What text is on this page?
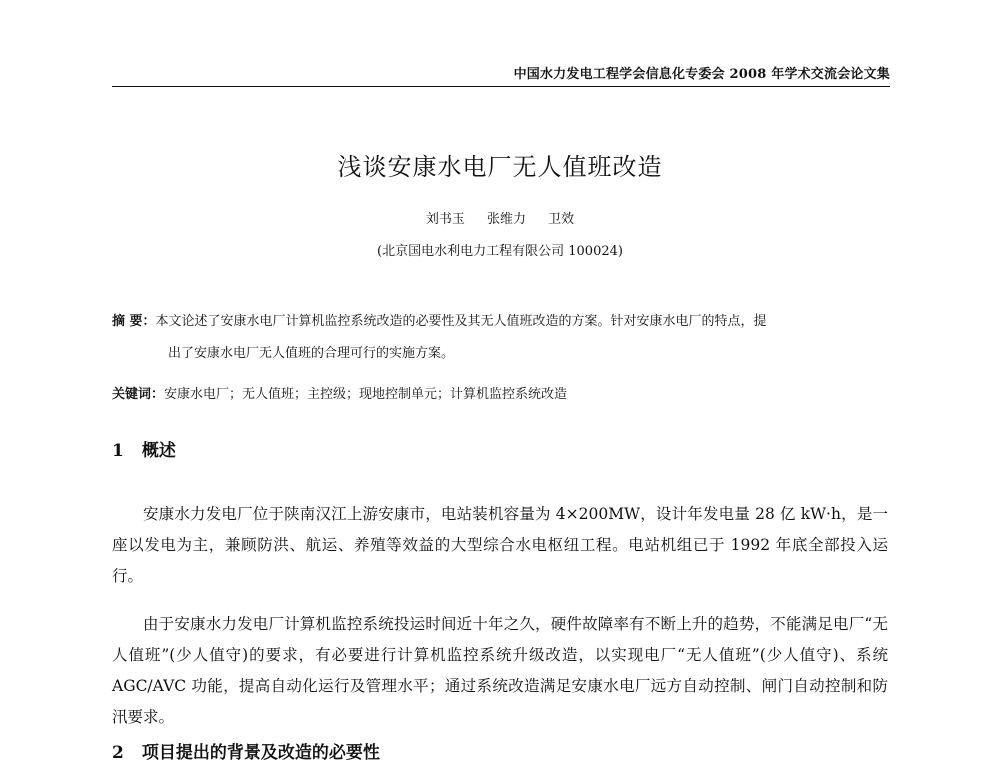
中国水力发电工程学会信息化专委会 2008 年学术交流会论文集
浅谈安康水电厂无人值班改造
刘书玉 张维力 卫效
(北京国电水利电力工程有限公司 100024)
摘 要：本文论述了安康水电厂计算机监控系统改造的必要性及其无人值班改造的方案。针对安康水电厂的特点，提
出了安康水电厂无人值班的合理可行的实施方案。
关键词：安康水电厂；无人值班；主控级；现地控制单元；计算机监控系统改造
1 概述

安康水力发电厂位于陕南汉江上游安康市，电站装机容量为 4×200MW，设计年发电量 28 亿 kW·h，是一座以发电为主，兼顾防洪、航运、养殖等效益的大型综合水电枢纽工程。电站机组已于 1992 年底全部投入运行。

由于安康水力发电厂计算机监控系统投运时间近十年之久，硬件故障率有不断上升的趋势，不能满足电厂“无人值班”(少人值守)的要求，有必要进行计算机监控系统升级改造，以实现电厂“无人值班”(少人值守)、系统 AGC/AVC 功能，提高自动化运行及管理水平；通过系统改造满足安康水电厂远方自动控制、闸门自动控制和防汛要求。

2 项目提出的背景及改造的必要性
